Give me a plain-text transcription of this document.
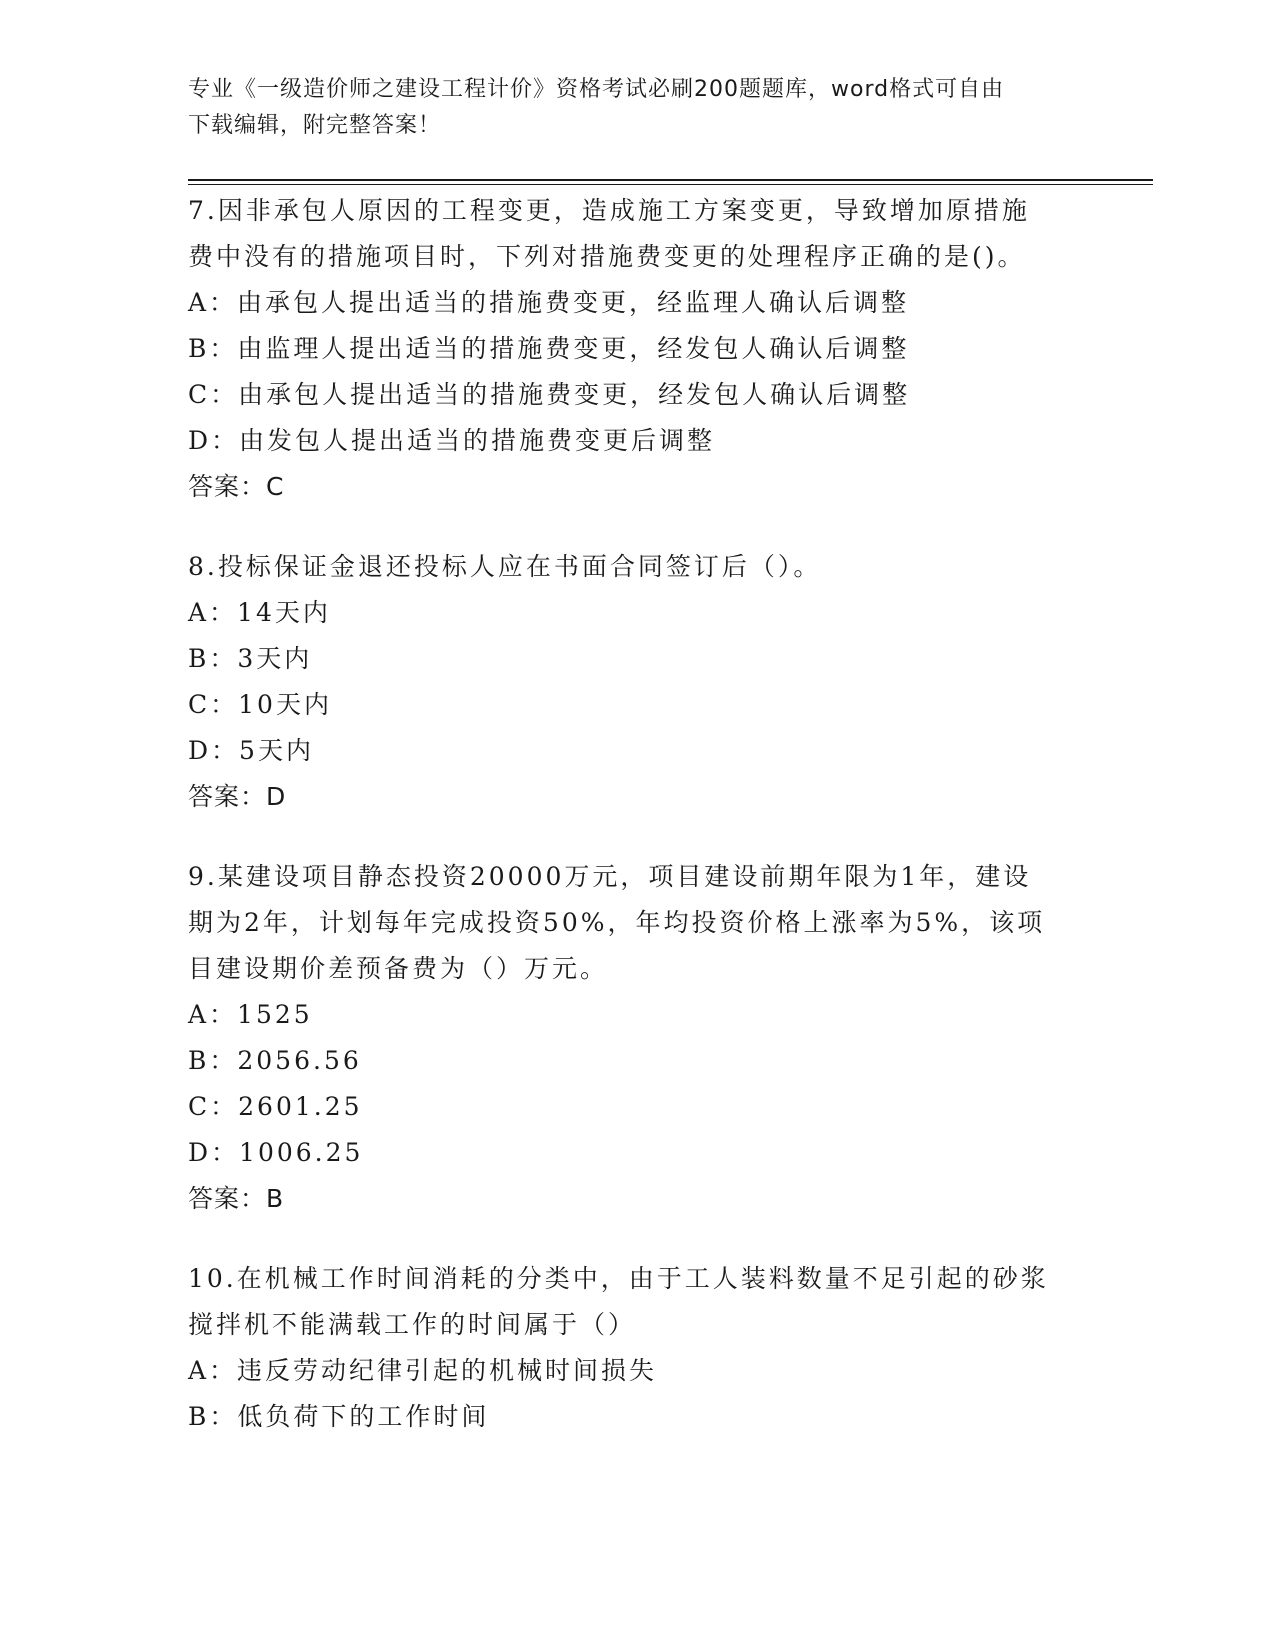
专业《一级造价师之建设工程计价》资格考试必刷200题题库，word格式可自由
下载编辑，附完整答案！
7.因非承包人原因的工程变更，造成施工方案变更，导致增加原措施
费中没有的措施项目时，下列对措施费变更的处理程序正确的是()。
A：由承包人提出适当的措施费变更，经监理人确认后调整
B：由监理人提出适当的措施费变更，经发包人确认后调整
C：由承包人提出适当的措施费变更，经发包人确认后调整
D：由发包人提出适当的措施费变更后调整
答案：C
8.投标保证金退还投标人应在书面合同签订后（）。
A：14天内
B：3天内
C：10天内
D：5天内
答案：D
9.某建设项目静态投资20000万元，项目建设前期年限为1年，建设
期为2年，计划每年完成投资50%，年均投资价格上涨率为5%，该项
目建设期价差预备费为（）万元。
A：1525
B：2056.56
C：2601.25
D：1006.25
答案：B
10.在机械工作时间消耗的分类中，由于工人装料数量不足引起的砂浆
搅拌机不能满载工作的时间属于（）
A：违反劳动纪律引起的机械时间损失
B：低负荷下的工作时间
